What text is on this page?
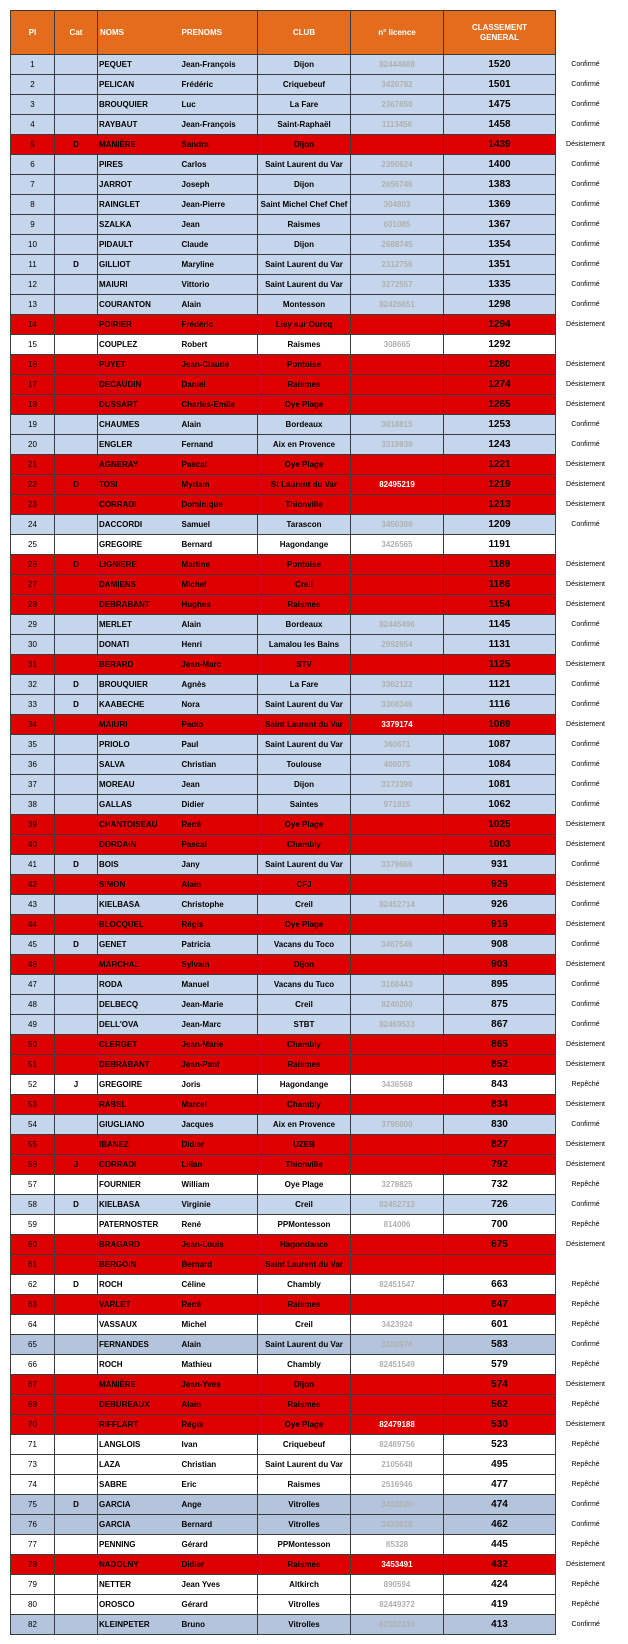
Pl	Cat	NOMS	PRENOMS	CLUB	n° licence	CLASSEMENT GENERAL	
1		PEQUET	Jean-François	Dijon	82444868	1520	Confirmé
2		PELICAN	Frédéric	Criquebeuf	3420782	1501	Confirmé
3		BROUQUIER	Luc	La Fare	2367850	1475	Confirmé
4		RAYBAUT	Jean-François	Saint-Raphaël	1113456	1458	Confirmé
5	D	MANIÈRE	Sandra	Dijon		1439	Désistement
6		PIRES	Carlos	Saint Laurent du Var	2390624	1400	Confirmé
7		JARROT	Joseph	Dijon	2656746	1383	Confirmé
8		RAINGLET	Jean-Pierre	Saint Michel Chef Chef	304803	1369	Confirmé
9		SZALKA	Jean	Raismes	601085	1367	Confirmé
10		PIDAULT	Claude	Dijon	2688745	1354	Confirmé
11	D	GILLIOT	Maryline	Saint Laurent du Var	2312756	1351	Confirmé
12		MAIURI	Vittorio	Saint Laurent du Var	3272557	1335	Confirmé
13		COURANTON	Alain	Montesson	82426651	1298	Confirmé
14		POIRIER	Frédéric	Lisy sur Ourcq		1294	Désistement
15		COUPLEZ	Robert	Raismes	308665	1292	
16		PUYET	Jean-Claude	Pontoise		1280	Désistement
17		DECAUDIN	Daniel	Raismes		1274	Désistement
18		DUSSART	Charles-Emile	Oye Plage		1265	Désistement
19		CHAUMES	Alain	Bordeaux	3018815	1253	Confirmé
20		ENGLER	Fernand	Aix en Provence	3319839	1243	Confirmé
21		AGNERAY	Pascal	Oye Plage		1221	Désistement
22	D	TOSI	Myriam	St Laurent du Var	82495219	1219	Désistement
23		CORRADI	Dominique	Thionville		1213	Désistement
24		DACCORDI	Samuel	Tarascon	3450306	1209	Confirmé
25		GREGOIRE	Bernard	Hagondange	3426565	1191	
26	D	LIGNIERE	Martine	Pontoise		1189	Désistement
27		DAMIENS	Michel	Creil		1186	Désistement
28		DEBRABANT	Hughes	Raismes		1154	Désistement
29		MERLET	Alain	Bordeaux	82445496	1145	Confirmé
30		DONATI	Henri	Lamalou les Bains	2992654	1131	Confirmé
31		BERARD	Jean-Marc	STV		1125	Désistement
32	D	BROUQUIER	Agnès	La Fare	3362122	1121	Confirmé
33	D	KAABECHE	Nora	Saint Laurent du Var	3308346	1116	Confirmé
34		MAIURI	Paolo	Saint Laurent du Var	3379174	1089	Désistement
35		PRIOLO	Paul	Saint Laurent du Var	360671	1087	Confirmé
36		SALVA	Christian	Toulouse	400075	1084	Confirmé
37		MOREAU	Jean	Dijon	3173390	1081	Confirmé
38		GALLAS	Didier	Saintes	971815	1062	Confirmé
39		CHANTOISEAU	René	Oye Plage		1025	Désistement
40		DORDAIN	Pascal	Chambly		1003	Désistement
41	D	BOIS	Jany	Saint Laurent du Var	3379666	931	Confirmé
42		SIMON	Alain	CFJ		926	Désistement
43		KIELBASA	Christophe	Creil	82452714	926	Confirmé
44		BLOCQUEL	Régis	Oye Plage		916	Désistement
45	D	GENET	Patricia	Vacans du Toco	3467546	908	Confirmé
46		MARCHAL	Sylvain	Dijon		903	Désistement
47		RODA	Manuel	Vacans du Tuco	3168443	895	Confirmé
48		DELBECQ	Jean-Marie	Creil	8240200	875	Confirmé
49		DELL'OVA	Jean-Marc	STBT	82469533	867	Confirmé
50		CLERGET	Jean-Marie	Chambly		865	Désistement
51		DEBRABANT	Jean-Paul	Raismes		852	Désistement
52	J	GREGOIRE	Joris	Hagondange	3436568	843	Repêché
53		RABEL	Marcel	Chambly		834	Désistement
54		GIUGLIANO	Jacques	Aix en Provence	3795000	830	Confirmé
55		IBANEZ	Didier	UZEB		827	Désistement
56	J	CORRADI	Lilian	Thionville		792	Désistement
57		FOURNIER	William	Oye Plage	3278825	732	Repêché
58	D	KIELBASA	Virginie	Creil	82452713	726	Confirmé
59		PATERNOSTER	René	PPMontesson	814006	700	Repêché
60		BRAGARD	Jean-Louis	Hagondance		675	Désistement
61		BERGOIN	Bernard	Saint Laurent du Var			
62	D	ROCH	Céline	Chambly	82451547	663	Repêché
63		VARLET	René	Raismes		647	Repêché
64		VASSAUX	Michel	Creil	3423924	601	Repêché
65		FERNANDES	Alain	Saint Laurent du Var	3300978	583	Confirmé
66		ROCH	Mathieu	Chambly	82451549	579	Repêché
67		MANIÈRE	Jean-Yves	Dijon		574	Désistement
68		DEBUREAUX	Alain	Raismes		562	Repêché
70		RIFFLART	Régis	Oye Plage	82479188	530	Désistement
71		LANGLOIS	Ivan	Criquebeuf	82489756	523	Repêché
73		LAZA	Christian	Saint Laurent du Var	2105648	495	Repêché
74		SABRE	Eric	Raismes	2516946	477	Repêché
75	D	GARCIA	Ange	Vitrolles	3433020	474	Confirmé
76		GARCIA	Bernard	Vitrolles	3433019	462	Confirmé
77		PENNING	Gérard	PPMontesson	85328	445	Repêché
78		NADOLNY	Didier	Raismes	3453491	432	Désistement
79		NETTER	Jean Yves	Altkirch	890594	424	Repêché
80		OROSCO	Gérard	Vitrolles	82449372	419	Repêché
82		KLEINPETER	Bruno	Vitrolles	82502334	413	Confirmé
